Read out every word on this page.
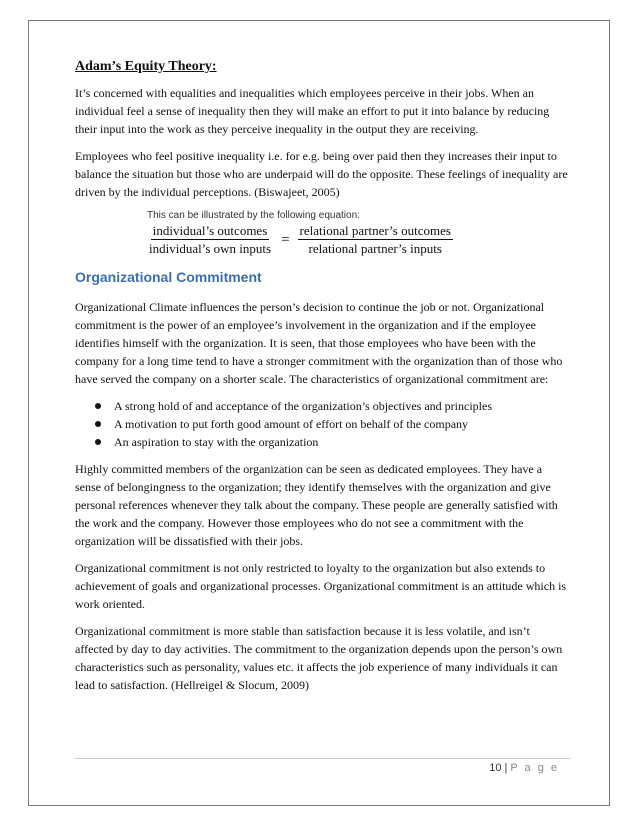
Adam’s Equity Theory:

It’s concerned with equalities and inequalities which employees perceive in their jobs. When an individual feel a sense of inequality then they will make an effort to put it into balance by reducing their input into the work as they perceive inequality in the output they are receiving.

Employees who feel positive inequality i.e. for e.g. being over paid then they increases their input to balance the situation but those who are underpaid will do the opposite. These feelings of inequality are driven by the individual perceptions. (Biswajeet, 2005)

This can be illustrated by the following equation:
$\frac{\text{individual’s outcomes}}{\text{individual’s own inputs}} = \frac{\text{relational partner’s outcomes}}{\text{relational partner’s inputs}}$
Organizational Commitment

Organizational Climate influences the person’s decision to continue the job or not. Organizational commitment is the power of an employee’s involvement in the organization and if the employee identifies himself with the organization. It is seen, that those employees who have been with the company for a long time tend to have a stronger commitment with the organization than of those who have served the company on a shorter scale. The characteristics of organizational commitment are:

A strong hold of and acceptance of the organization’s objectives and principles
A motivation to put forth good amount of effort on behalf of the company
An aspiration to stay with the organization

Highly committed members of the organization can be seen as dedicated employees. They have a sense of belongingness to the organization; they identify themselves with the organization and give personal references whenever they talk about the company. These people are generally satisfied with the work and the company. However those employees who do not see a commitment with the organization will be dissatisfied with their jobs.

Organizational commitment is not only restricted to loyalty to the organization but also extends to achievement of goals and organizational processes. Organizational commitment is an attitude which is work oriented.

Organizational commitment is more stable than satisfaction because it is less volatile, and isn’t affected by day to day activities. The commitment to the organization depends upon the person’s own characteristics such as personality, values etc. it affects the job experience of many individuals it can lead to satisfaction. (Hellreigel & Slocum, 2009)

10 | P a g e
